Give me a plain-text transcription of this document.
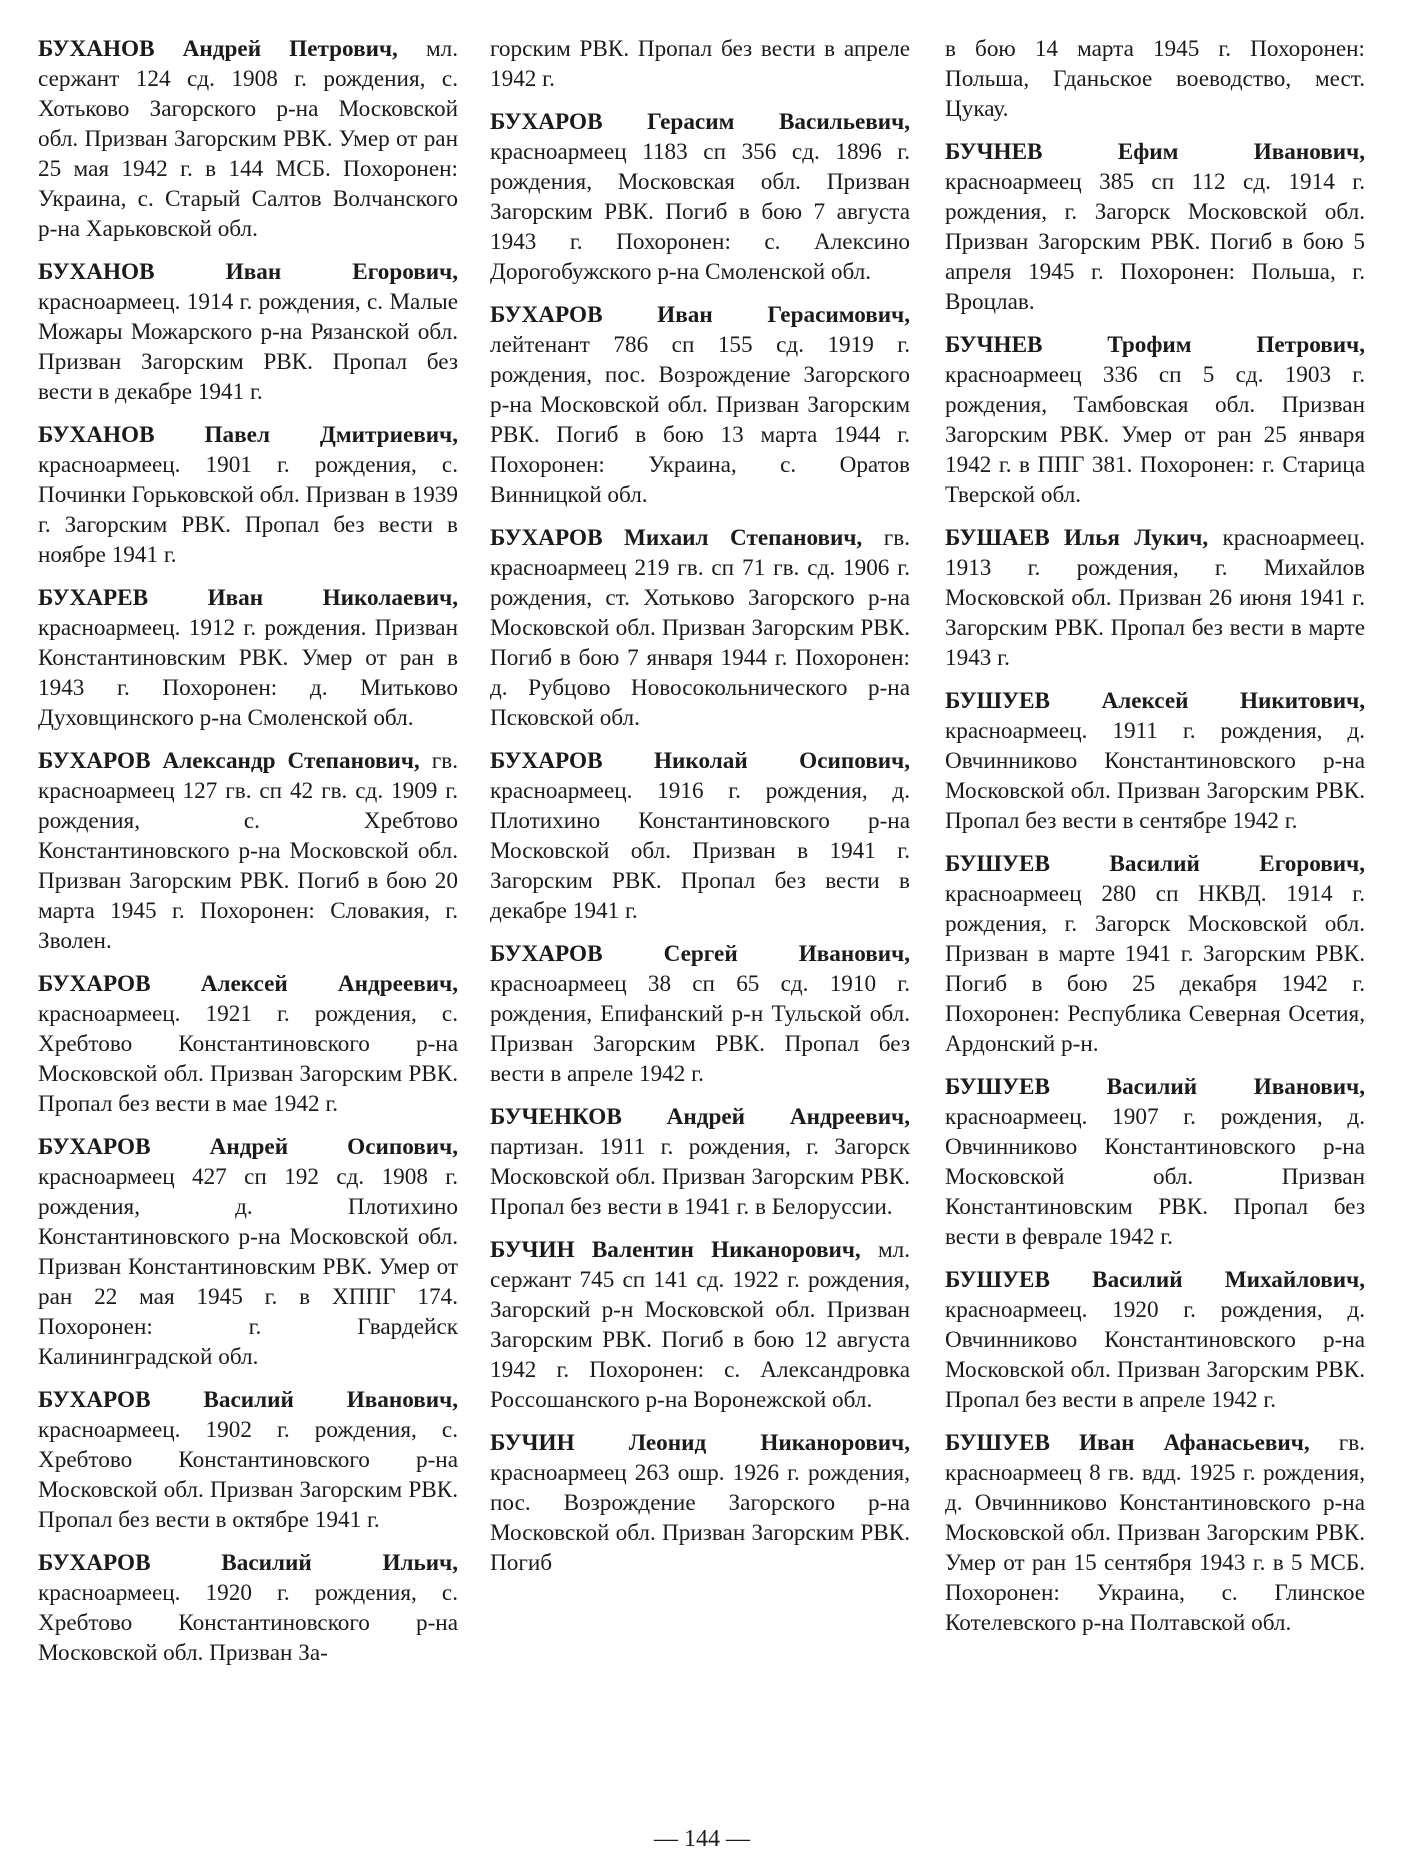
БУХАНОВ Андрей Петрович, мл. сержант 124 сд. 1908 г. рождения, с. Хотьково Загорского р-на Московской обл. Призван Загорским РВК. Умер от ран 25 мая 1942 г. в 144 МСБ. Похоронен: Украина, с. Старый Салтов Волчанского р-на Харьковской обл.

БУХАНОВ Иван Егорович, красноармеец. 1914 г. рождения, с. Малые Можары Можарского р-на Рязанской обл. Призван Загорским РВК. Пропал без вести в декабре 1941 г.

БУХАНОВ Павел Дмитриевич, красноармеец. 1901 г. рождения, с. Починки Горьковской обл. Призван в 1939 г. Загорским РВК. Пропал без вести в ноябре 1941 г.

БУХАРЕВ Иван Николаевич, красноармеец. 1912 г. рождения. Призван Константиновским РВК. Умер от ран в 1943 г. Похоронен: д. Митьково Духовщинского р-на Смоленской обл.

БУХАРОВ Александр Степанович, гв. красноармеец 127 гв. сп 42 гв. сд. 1909 г. рождения, с. Хребтово Константиновского р-на Московской обл. Призван Загорским РВК. Погиб в бою 20 марта 1945 г. Похоронен: Словакия, г. Зволен.

БУХАРОВ Алексей Андреевич, красноармеец. 1921 г. рождения, с. Хребтово Константиновского р-на Московской обл. Призван Загорским РВК. Пропал без вести в мае 1942 г.

БУХАРОВ Андрей Осипович, красноармеец 427 сп 192 сд. 1908 г. рождения, д. Плотихино Константиновского р-на Московской обл. Призван Константиновским РВК. Умер от ран 22 мая 1945 г. в ХППГ 174. Похоронен: г. Гвардейск Калининградской обл.

БУХАРОВ Василий Иванович, красноармеец. 1902 г. рождения, с. Хребтово Константиновского р-на Московской обл. Призван Загорским РВК. Пропал без вести в октябре 1941 г.

БУХАРОВ Василий Ильич, красноармеец. 1920 г. рождения, с. Хребтово Константиновского р-на Московской обл. Призван За-

горским РВК. Пропал без вести в апреле 1942 г.

БУХАРОВ Герасим Васильевич, красноармеец 1183 сп 356 сд. 1896 г. рождения, Московская обл. Призван Загорским РВК. Погиб в бою 7 августа 1943 г. Похоронен: с. Алексино Дорогобужского р-на Смоленской обл.

БУХАРОВ Иван Герасимович, лейтенант 786 сп 155 сд. 1919 г. рождения, пос. Возрождение Загорского р-на Московской обл. Призван Загорским РВК. Погиб в бою 13 марта 1944 г. Похоронен: Украина, с. Оратов Винницкой обл.

БУХАРОВ Михаил Степанович, гв. красноармеец 219 гв. сп 71 гв. сд. 1906 г. рождения, ст. Хотьково Загорского р-на Московской обл. Призван Загорским РВК. Погиб в бою 7 января 1944 г. Похоронен: д. Рубцово Новосокольнического р-на Псковской обл.

БУХАРОВ Николай Осипович, красноармеец. 1916 г. рождения, д. Плотихино Константиновского р-на Московской обл. Призван в 1941 г. Загорским РВК. Пропал без вести в декабре 1941 г.

БУХАРОВ Сергей Иванович, красноармеец 38 сп 65 сд. 1910 г. рождения, Епифанский р-н Тульской обл. Призван Загорским РВК. Пропал без вести в апреле 1942 г.

БУЧЕНКОВ Андрей Андреевич, партизан. 1911 г. рождения, г. Загорск Московской обл. Призван Загорским РВК. Пропал без вести в 1941 г. в Белоруссии.

БУЧИН Валентин Никанорович, мл. сержант 745 сп 141 сд. 1922 г. рождения, Загорский р-н Московской обл. Призван Загорским РВК. Погиб в бою 12 августа 1942 г. Похоронен: с. Александровка Россошанского р-на Воронежской обл.

БУЧИН Леонид Никанорович, красноармеец 263 ошр. 1926 г. рождения, пос. Возрождение Загорского р-на Московской обл. Призван Загорским РВК. Погиб

в бою 14 марта 1945 г. Похоронен: Польша, Гданьское воеводство, мест. Цукау.

БУЧНЕВ Ефим Иванович, красноармеец 385 сп 112 сд. 1914 г. рождения, г. Загорск Московской обл. Призван Загорским РВК. Погиб в бою 5 апреля 1945 г. Похоронен: Польша, г. Вроцлав.

БУЧНЕВ Трофим Петрович, красноармеец 336 сп 5 сд. 1903 г. рождения, Тамбовская обл. Призван Загорским РВК. Умер от ран 25 января 1942 г. в ППГ 381. Похоронен: г. Старица Тверской обл.

БУШАЕВ Илья Лукич, красноармеец. 1913 г. рождения, г. Михайлов Московской обл. Призван 26 июня 1941 г. Загорским РВК. Пропал без вести в марте 1943 г.

БУШУЕВ Алексей Никитович, красноармеец. 1911 г. рождения, д. Овчинниково Константиновского р-на Московской обл. Призван Загорским РВК. Пропал без вести в сентябре 1942 г.

БУШУЕВ Василий Егорович, красноармеец 280 сп НКВД. 1914 г. рождения, г. Загорск Московской обл. Призван в марте 1941 г. Загорским РВК. Погиб в бою 25 декабря 1942 г. Похоронен: Республика Северная Осетия, Ардонский р-н.

БУШУЕВ Василий Иванович, красноармеец. 1907 г. рождения, д. Овчинниково Константиновского р-на Московской обл. Призван Константиновским РВК. Пропал без вести в феврале 1942 г.

БУШУЕВ Василий Михайлович, красноармеец. 1920 г. рождения, д. Овчинниково Константиновского р-на Московской обл. Призван Загорским РВК. Пропал без вести в апреле 1942 г.

БУШУЕВ Иван Афанасьевич, гв. красноармеец 8 гв. вдд. 1925 г. рождения, д. Овчинниково Константиновского р-на Московской обл. Призван Загорским РВК. Умер от ран 15 сентября 1943 г. в 5 МСБ. Похоронен: Украина, с. Глинское Котелевского р-на Полтавской обл.

— 144 —
